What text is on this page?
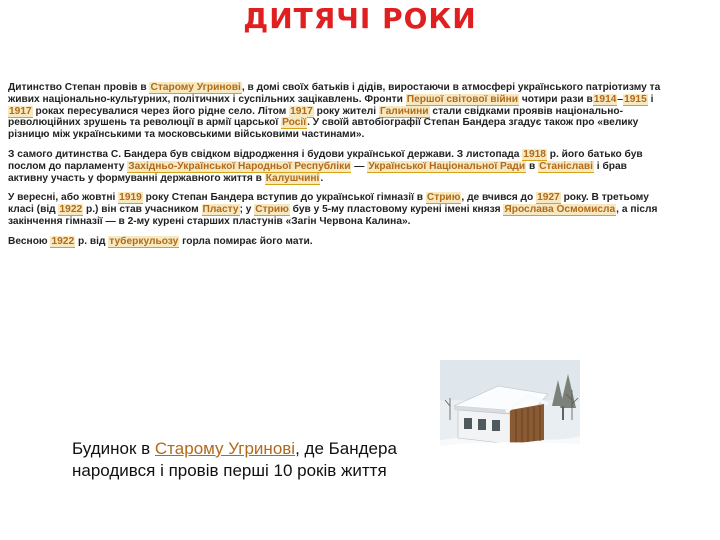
ДИТЯЧІ РОКИ

Дитинство Степан провів в Старому Угринові, в домі своїх батьків і дідів, виростаючи в атмосфері українського патріотизму та живих національно-культурних, політичних і суспільних зацікавлень. Фронти Першої світової війни чотири рази в1914–1915 і 1917 роках пересувалися через його рідне село. Літом 1917 року жителі Галичини стали свідками проявів національно-революційних зрушень та революції в армії царської Росії. У своїй автобіографії Степан Бандера згадує також про «велику різницю між українськими та московськими військовими частинами».

З самого дитинства С. Бандера був свідком відродження і будови української держави. З листопада 1918 р. його батько був послом до парламенту Західньо-Української Народньої Республіки — Української Національної Ради в Станіславі і брав активну участь у формуванні державного життя в Калушчині.

У вересні, або жовтні 1919 року Степан Бандера вступив до української гімназії в Стрию, де вчився до 1927 року. В третьому класі (від 1922 р.) він став учасником Пласту; у Стрию був у 5-му пластовому курені імені князя Ярослава Осмомисла, а після закінчення гімназії — в 2-му курені старших пластунів «Загін Червона Калина».

Весною 1922 р. від туберкульозу горла помирає його мати.

Будинок в Старому Угринові, де Бандера народився і провів перші 10 років життя
